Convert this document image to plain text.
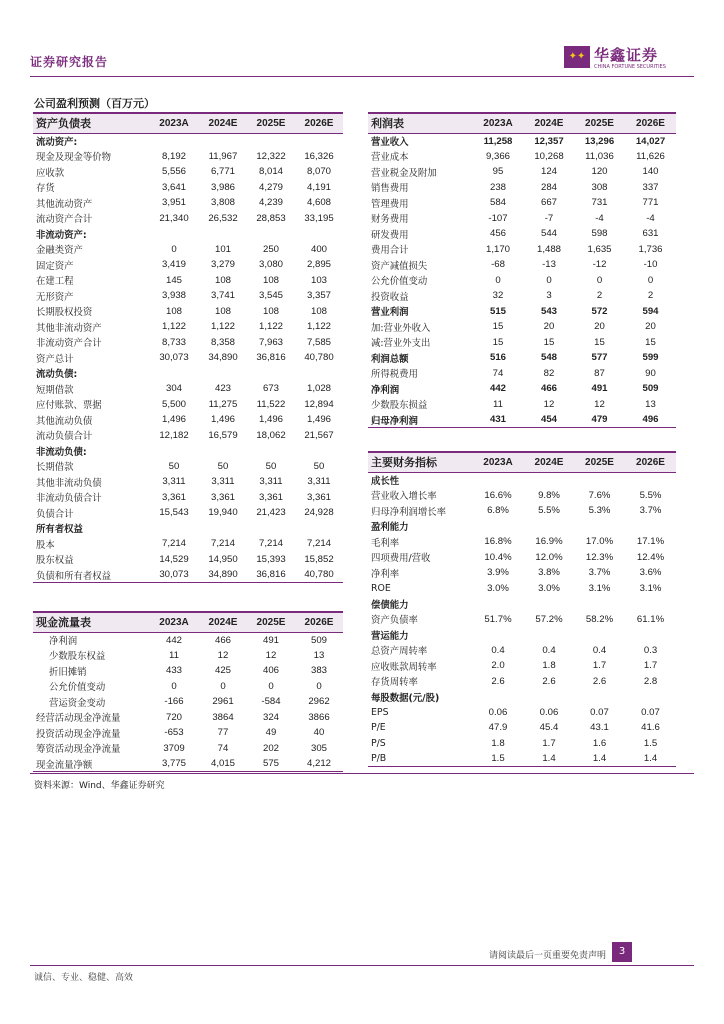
证券研究报告	✦✦ 华鑫证券
CHINA FORTUNE SECURITIES
公司盈利预测（百万元）
资产负债表	2023A	2024E	2025E	2026E
流动资产:				
现金及现金等价物	8,192	11,967	12,322	16,326
应收款	5,556	6,771	8,014	8,070
存货	3,641	3,986	4,279	4,191
其他流动资产	3,951	3,808	4,239	4,608
流动资产合计	21,340	26,532	28,853	33,195
非流动资产:				
金融类资产	0	101	250	400
固定资产	3,419	3,279	3,080	2,895
在建工程	145	108	108	103
无形资产	3,938	3,741	3,545	3,357
长期股权投资	108	108	108	108
其他非流动资产	1,122	1,122	1,122	1,122
非流动资产合计	8,733	8,358	7,963	7,585
资产总计	30,073	34,890	36,816	40,780
流动负债:				
短期借款	304	423	673	1,028
应付账款、票据	5,500	11,275	11,522	12,894
其他流动负债	1,496	1,496	1,496	1,496
流动负债合计	12,182	16,579	18,062	21,567
非流动负债:				
长期借款	50	50	50	50
其他非流动负债	3,311	3,311	3,311	3,311
非流动负债合计	3,361	3,361	3,361	3,361
负债合计	15,543	19,940	21,423	24,928
所有者权益				
股本	7,214	7,214	7,214	7,214
股东权益	14,529	14,950	15,393	15,852
负债和所有者权益	30,073	34,890	36,816	40,780
利润表	2023A	2024E	2025E	2026E
营业收入	11,258	12,357	13,296	14,027
营业成本	9,366	10,268	11,036	11,626
营业税金及附加	95	124	120	140
销售费用	238	284	308	337
管理费用	584	667	731	771
财务费用	-107	-7	-4	-4
研发费用	456	544	598	631
费用合计	1,170	1,488	1,635	1,736
资产减值损失	-68	-13	-12	-10
公允价值变动	0	0	0	0
投资收益	32	3	2	2
营业利润	515	543	572	594
加:营业外收入	15	20	20	20
减:营业外支出	15	15	15	15
利润总额	516	548	577	599
所得税费用	74	82	87	90
净利润	442	466	491	509
少数股东损益	11	12	12	13
归母净利润	431	454	479	496
主要财务指标	2023A	2024E	2025E	2026E
成长性				
营业收入增长率	16.6%	9.8%	7.6%	5.5%
归母净利润增长率	6.8%	5.5%	5.3%	3.7%
盈利能力				
毛利率	16.8%	16.9%	17.0%	17.1%
四项费用/营收	10.4%	12.0%	12.3%	12.4%
净利率	3.9%	3.8%	3.7%	3.6%
ROE	3.0%	3.0%	3.1%	3.1%
偿债能力				
资产负债率	51.7%	57.2%	58.2%	61.1%
营运能力				
总资产周转率	0.4	0.4	0.4	0.3
应收账款周转率	2.0	1.8	1.7	1.7
存货周转率	2.6	2.6	2.6	2.8
每股数据(元/股)				
EPS	0.06	0.06	0.07	0.07
P/E	47.9	45.4	43.1	41.6
P/S	1.8	1.7	1.6	1.5
P/B	1.5	1.4	1.4	1.4
现金流量表	2023A	2024E	2025E	2026E
净利润	442	466	491	509
少数股东权益	11	12	12	13
折旧摊销	433	425	406	383
公允价值变动	0	0	0	0
营运资金变动	-166	2961	-584	2962
经营活动现金净流量	720	3864	324	3866
投资活动现金净流量	-653	77	49	40
筹资活动现金净流量	3709	74	202	305
现金流量净额	3,775	4,015	575	4,212
资料来源：Wind、华鑫证券研究
请阅读最后一页重要免责声明	3
诚信、专业、稳健、高效
